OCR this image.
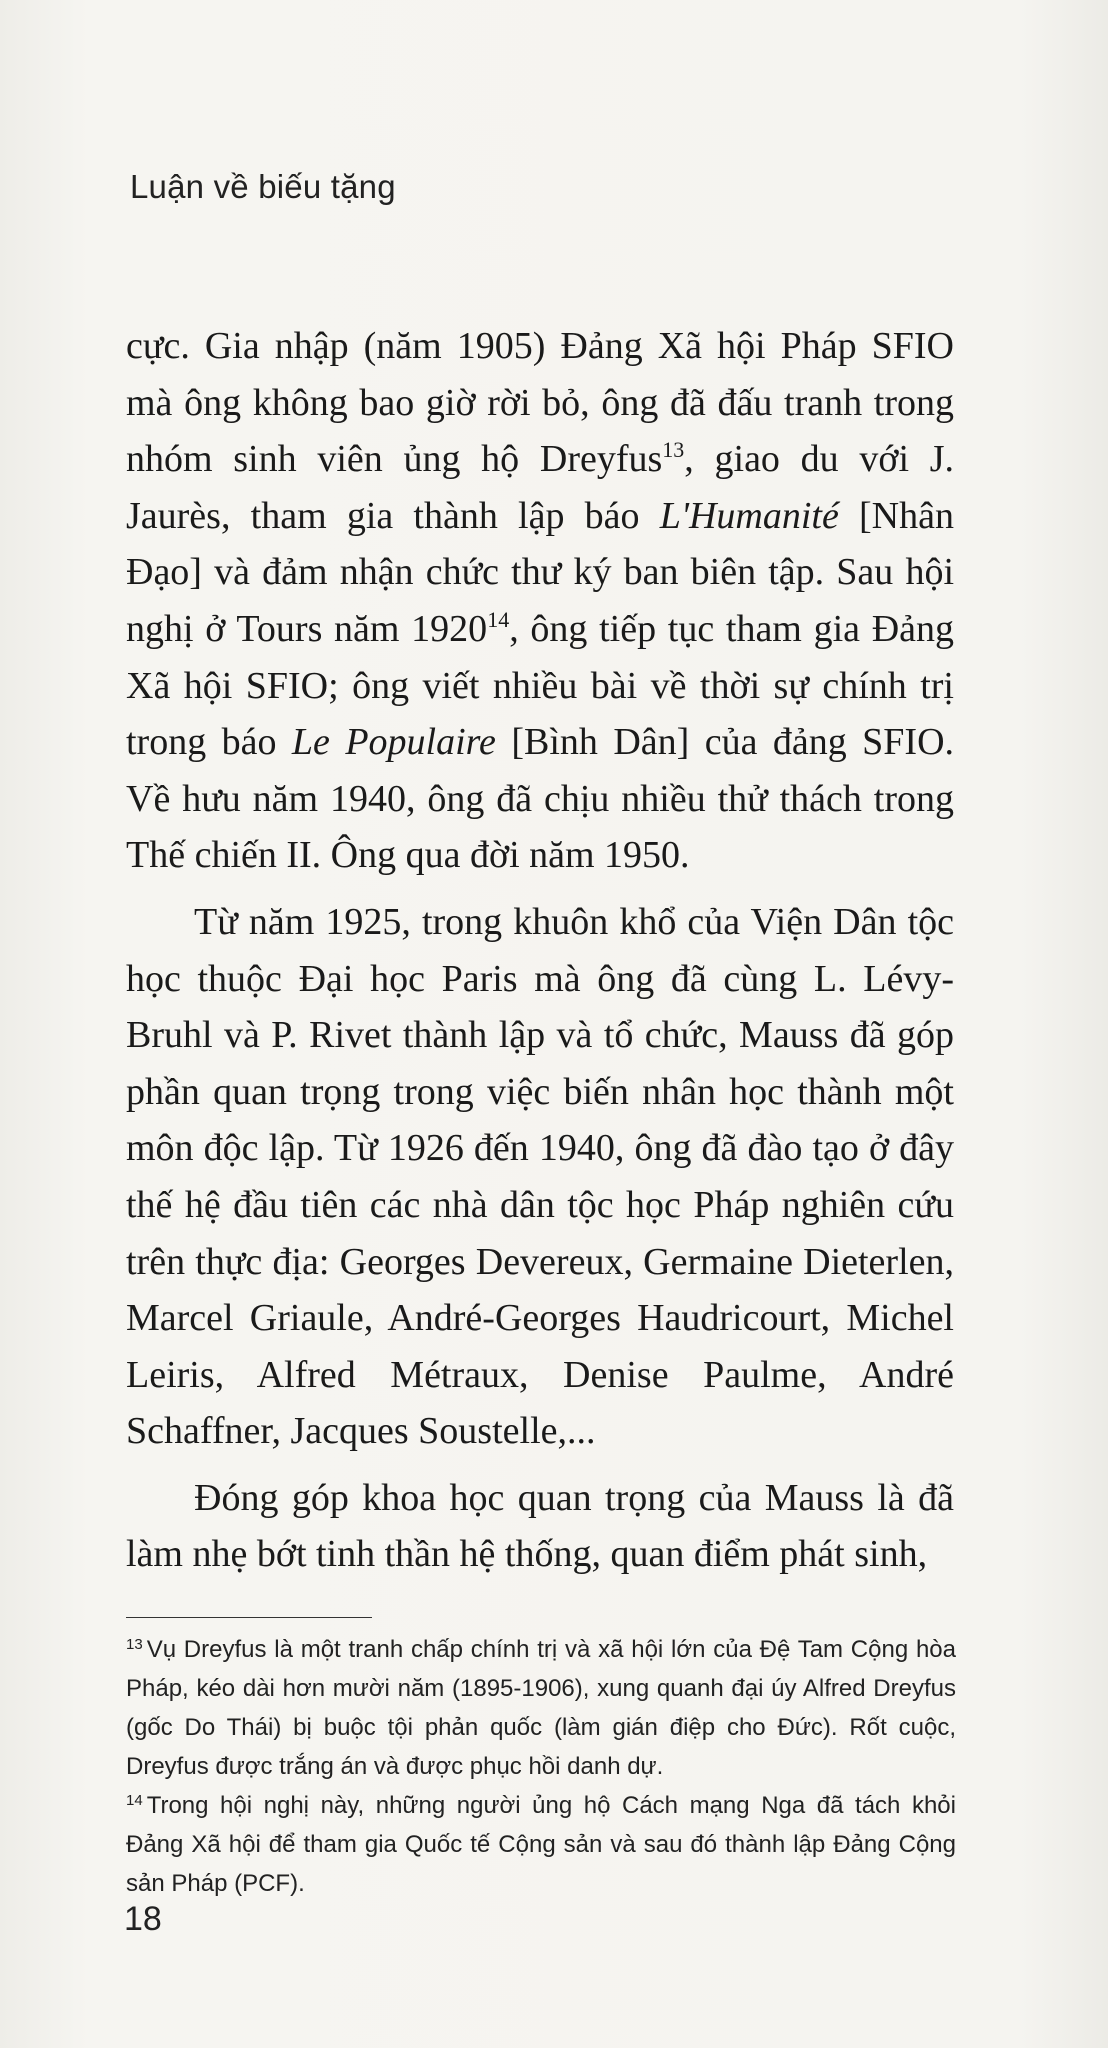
Luận về biếu tặng

cực. Gia nhập (năm 1905) Đảng Xã hội Pháp SFIO mà ông không bao giờ rời bỏ, ông đã đấu tranh trong nhóm sinh viên ủng hộ Dreyfus$^{13}$, giao du với J. Jaurès, tham gia thành lập báo L'Humanité [Nhân Đạo] và đảm nhận chức thư ký ban biên tập. Sau hội nghị ở Tours năm 1920$^{14}$, ông tiếp tục tham gia Đảng Xã hội SFIO; ông viết nhiều bài về thời sự chính trị trong báo Le Populaire [Bình Dân] của đảng SFIO. Về hưu năm 1940, ông đã chịu nhiều thử thách trong Thế chiến II. Ông qua đời năm 1950.

Từ năm 1925, trong khuôn khổ của Viện Dân tộc học thuộc Đại học Paris mà ông đã cùng L. Lévy-Bruhl và P. Rivet thành lập và tổ chức, Mauss đã góp phần quan trọng trong việc biến nhân học thành một môn độc lập. Từ 1926 đến 1940, ông đã đào tạo ở đây thế hệ đầu tiên các nhà dân tộc học Pháp nghiên cứu trên thực địa: Georges Devereux, Germaine Dieterlen, Marcel Griaule, André-Georges Haudricourt, Michel Leiris, Alfred Métraux, Denise Paulme, André Schaffner, Jacques Soustelle,...

Đóng góp khoa học quan trọng của Mauss là đã làm nhẹ bớt tinh thần hệ thống, quan điểm phát sinh,

$^{13}$ Vụ Dreyfus là một tranh chấp chính trị và xã hội lớn của Đệ Tam Cộng hòa Pháp, kéo dài hơn mười năm (1895-1906), xung quanh đại úy Alfred Dreyfus (gốc Do Thái) bị buộc tội phản quốc (làm gián điệp cho Đức). Rốt cuộc, Dreyfus được trắng án và được phục hồi danh dự.

$^{14}$ Trong hội nghị này, những người ủng hộ Cách mạng Nga đã tách khỏi Đảng Xã hội để tham gia Quốc tế Cộng sản và sau đó thành lập Đảng Cộng sản Pháp (PCF).

18
